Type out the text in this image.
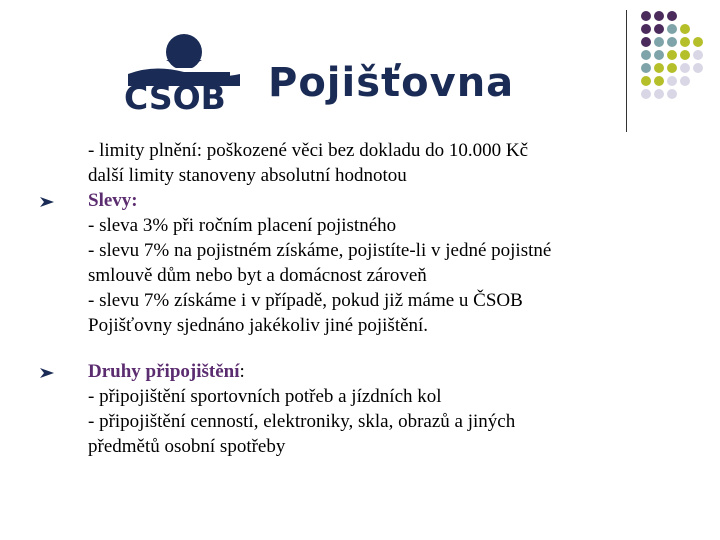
ČSOB	Pojišťovna
- limity plnění: poškozené věci bez dokladu do 10.000 Kč
další limity stanoveny absolutní hodnotou
Slevy:
- sleva 3% při ročním placení pojistného
- slevu 7% na pojistném získáme, pojistíte-li v jedné pojistné
smlouvě dům nebo byt a domácnost zároveň
- slevu 7% získáme i v případě, pokud již máme u ČSOB
Pojišťovny sjednáno jakékoliv jiné pojištění.
Druhy připojištění:
- připojištění sportovních potřeb a jízdních kol
- připojištění cenností, elektroniky, skla, obrazů a jiných
předmětů osobní spotřeby
